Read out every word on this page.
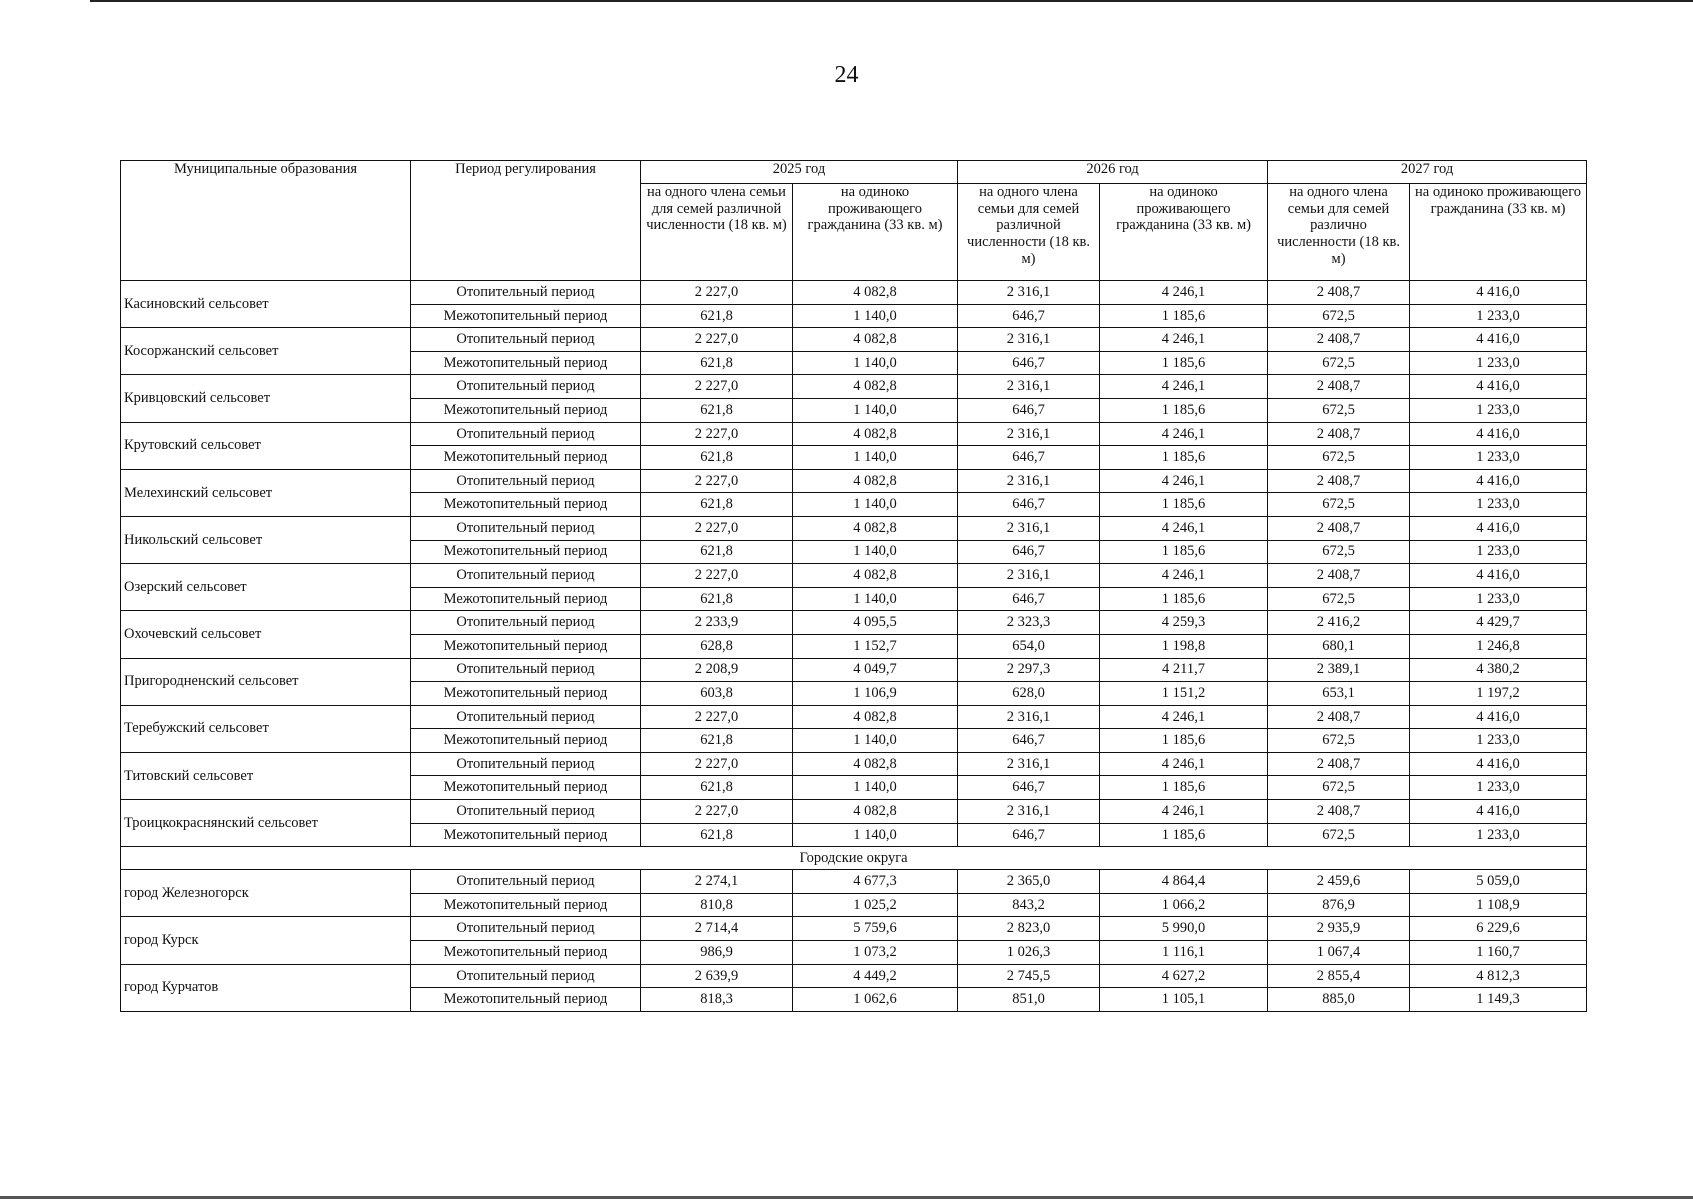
24
Муниципальные образования	Период регулирования	2025 год		2026 год		2027 год	
		на одного члена семьи для семей различной численности (18 кв. м)	на одиноко проживающего гражданина (33 кв. м)	на одного члена семьи для семей различной численности (18 кв. м)	на одиноко проживающего гражданина (33 кв. м)	на одного члена семьи для семей различно численности (18 кв. м)	на одиноко проживающего гражданина (33 кв. м)
Касиновский сельсовет	Отопительный период	2 227,0	4 082,8	2 316,1	4 246,1	2 408,7	4 416,0
	Межотопительный период	621,8	1 140,0	646,7	1 185,6	672,5	1 233,0
Косоржанский сельсовет	Отопительный период	2 227,0	4 082,8	2 316,1	4 246,1	2 408,7	4 416,0
	Межотопительный период	621,8	1 140,0	646,7	1 185,6	672,5	1 233,0
Кривцовский сельсовет	Отопительный период	2 227,0	4 082,8	2 316,1	4 246,1	2 408,7	4 416,0
	Межотопительный период	621,8	1 140,0	646,7	1 185,6	672,5	1 233,0
Крутовский сельсовет	Отопительный период	2 227,0	4 082,8	2 316,1	4 246,1	2 408,7	4 416,0
	Межотопительный период	621,8	1 140,0	646,7	1 185,6	672,5	1 233,0
Мелехинский сельсовет	Отопительный период	2 227,0	4 082,8	2 316,1	4 246,1	2 408,7	4 416,0
	Межотопительный период	621,8	1 140,0	646,7	1 185,6	672,5	1 233,0
Никольский сельсовет	Отопительный период	2 227,0	4 082,8	2 316,1	4 246,1	2 408,7	4 416,0
	Межотопительный период	621,8	1 140,0	646,7	1 185,6	672,5	1 233,0
Озерский сельсовет	Отопительный период	2 227,0	4 082,8	2 316,1	4 246,1	2 408,7	4 416,0
	Межотопительный период	621,8	1 140,0	646,7	1 185,6	672,5	1 233,0
Охочевский сельсовет	Отопительный период	2 233,9	4 095,5	2 323,3	4 259,3	2 416,2	4 429,7
	Межотопительный период	628,8	1 152,7	654,0	1 198,8	680,1	1 246,8
Пригородненский сельсовет	Отопительный период	2 208,9	4 049,7	2 297,3	4 211,7	2 389,1	4 380,2
	Межотопительный период	603,8	1 106,9	628,0	1 151,2	653,1	1 197,2
Теребужский сельсовет	Отопительный период	2 227,0	4 082,8	2 316,1	4 246,1	2 408,7	4 416,0
	Межотопительный период	621,8	1 140,0	646,7	1 185,6	672,5	1 233,0
Титовский сельсовет	Отопительный период	2 227,0	4 082,8	2 316,1	4 246,1	2 408,7	4 416,0
	Межотопительный период	621,8	1 140,0	646,7	1 185,6	672,5	1 233,0
Троицкокраснянский сельсовет	Отопительный период	2 227,0	4 082,8	2 316,1	4 246,1	2 408,7	4 416,0
	Межотопительный период	621,8	1 140,0	646,7	1 185,6	672,5	1 233,0
Городские округа							
город Железногорск	Отопительный период	2 274,1	4 677,3	2 365,0	4 864,4	2 459,6	5 059,0
	Межотопительный период	810,8	1 025,2	843,2	1 066,2	876,9	1 108,9
город Курск	Отопительный период	2 714,4	5 759,6	2 823,0	5 990,0	2 935,9	6 229,6
	Межотопительный период	986,9	1 073,2	1 026,3	1 116,1	1 067,4	1 160,7
город Курчатов	Отопительный период	2 639,9	4 449,2	2 745,5	4 627,2	2 855,4	4 812,3
	Межотопительный период	818,3	1 062,6	851,0	1 105,1	885,0	1 149,3
